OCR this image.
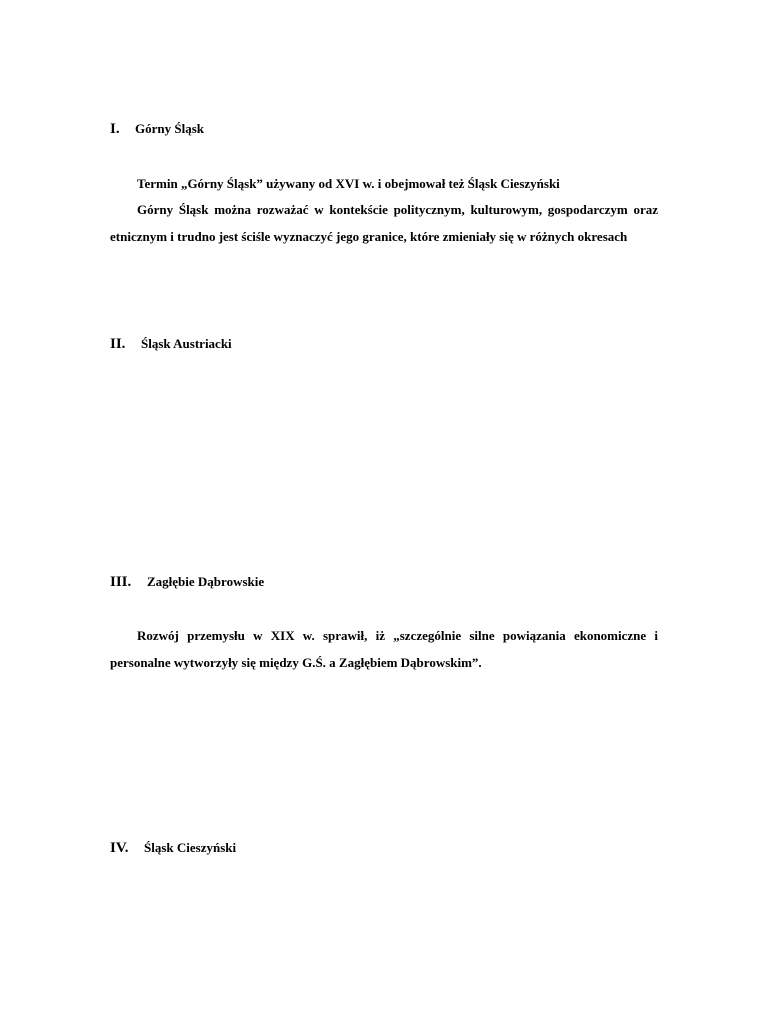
I.	Górny Śląsk
Termin „Górny Śląsk” używany od XVI w. i obejmował też Śląsk Cieszyński

Górny Śląsk można rozważać w kontekście politycznym, kulturowym, gospodarczym oraz etnicznym i trudno jest ściśle wyznaczyć jego granice, które zmieniały się w różnych okresach

II.	Śląsk Austriacki
III.	Zagłębie Dąbrowskie

Rozwój przemysłu w XIX w. sprawił, iż „szczególnie silne powiązania ekonomiczne i personalne wytworzyły się między G.Ś. a Zagłębiem Dąbrowskim”.

IV.	Śląsk Cieszyński
